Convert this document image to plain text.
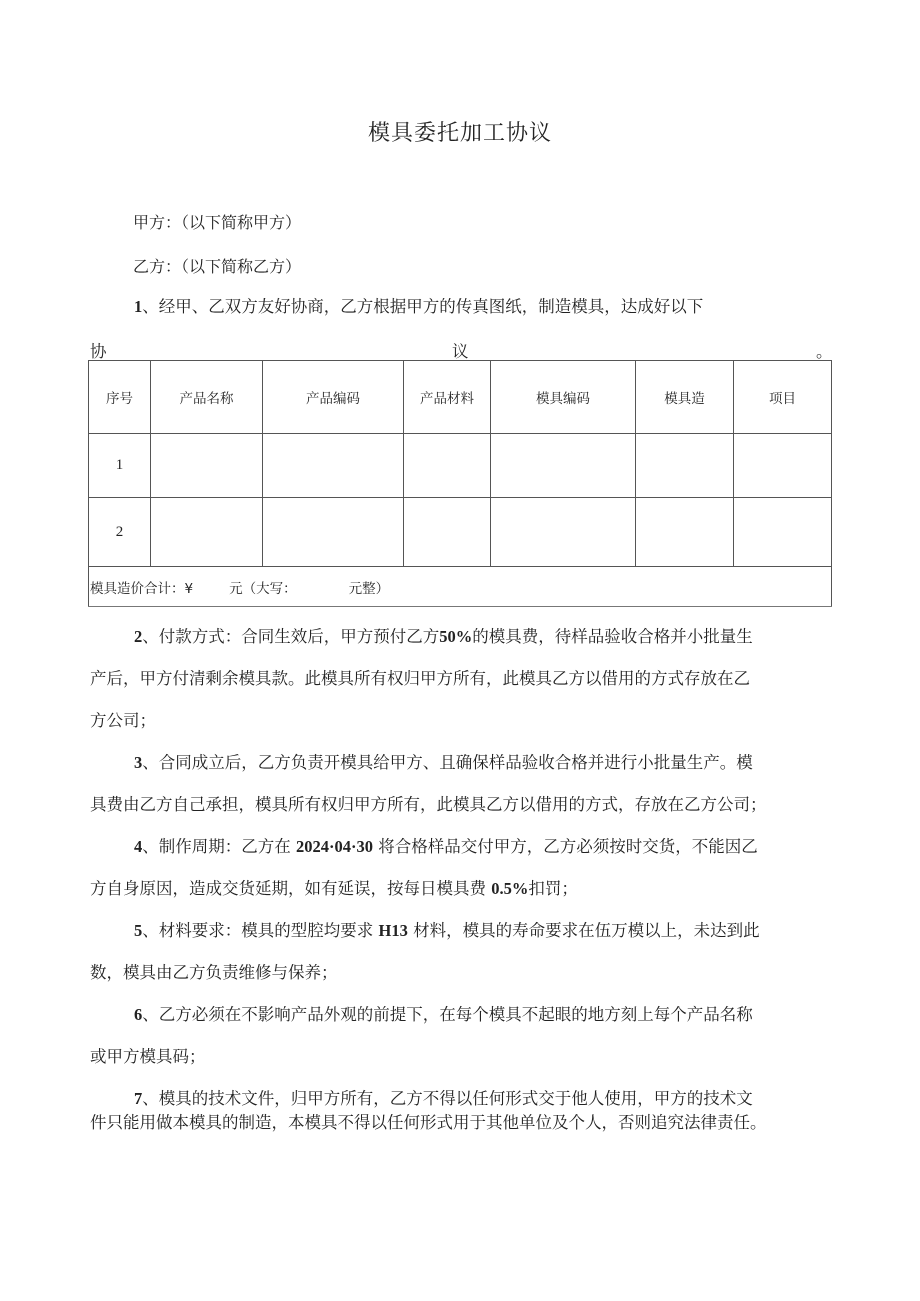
模具委托加工协议
甲方：（以下简称甲方）
乙方：（以下简称乙方）
1、经甲、乙双方友好协商，乙方根据甲方的传真图纸，制造模具，达成好以下
协	议	。
序号	产品名称	产品编码	产品材料	模具编码	模具造	项目
1						
2						
模具造价合计：¥ 元（大写： 元整）						
2、付款方式：合同生效后，甲方预付乙方50%的模具费，待样品验收合格并小批量生
产后，甲方付清剩余模具款。此模具所有权归甲方所有，此模具乙方以借用的方式存放在乙
方公司；
3、合同成立后，乙方负责开模具给甲方、且确保样品验收合格并进行小批量生产。模
具费由乙方自己承担，模具所有权归甲方所有，此模具乙方以借用的方式，存放在乙方公司；
4、制作周期：乙方在 2024·04·30 将合格样品交付甲方，乙方必须按时交货，不能因乙
方自身原因，造成交货延期，如有延误，按每日模具费 0.5%扣罚；
5、材料要求：模具的型腔均要求 H13 材料，模具的寿命要求在伍万模以上，未达到此
数，模具由乙方负责维修与保养；
6、乙方必须在不影响产品外观的前提下，在每个模具不起眼的地方刻上每个产品名称
或甲方模具码；
7、模具的技术文件，归甲方所有，乙方不得以任何形式交于他人使用，甲方的技术文
件只能用做本模具的制造，本模具不得以任何形式用于其他单位及个人，否则追究法律责任。
